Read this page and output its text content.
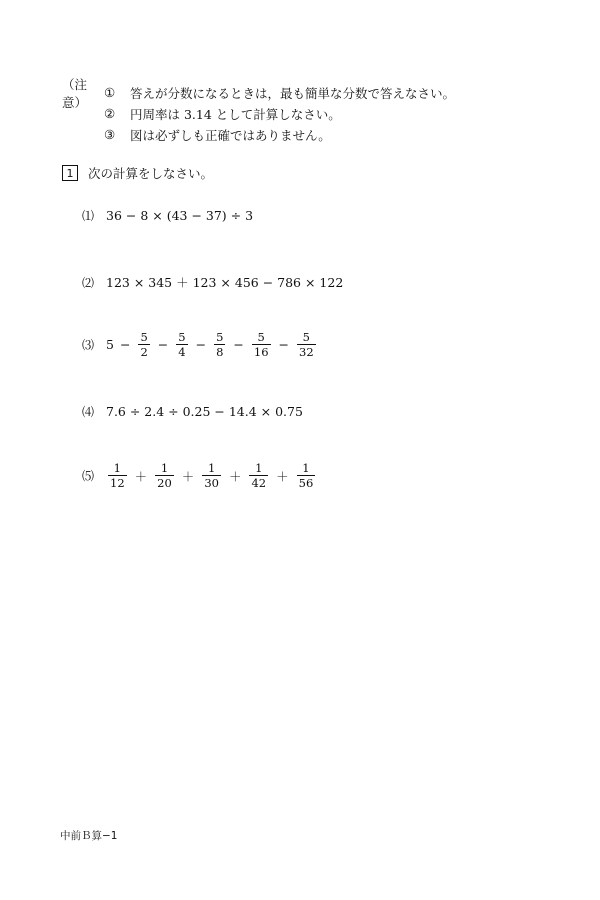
（注意）
①	答えが分数になるときは，最も簡単な分数で答えなさい。
②	円周率は 3.14 として計算しなさい。
③	図は必ずしも正確ではありません。
1	次の計算をしなさい。
⑴ 36 − 8 × (43 − 37) ÷ 3
⑵ 123 × 345 ＋ 123 × 456 − 786 × 122
⑶ $5 - \frac{5}{2} - \frac{5}{4} - \frac{5}{8} - \frac{5}{16} - \frac{5}{32}$
⑷ 7.6 ÷ 2.4 ÷ 0.25 − 14.4 × 0.75
⑸	$\frac{1}{12} + \frac{1}{20} + \frac{1}{30} + \frac{1}{42} + \frac{1}{56}$
中前Ｂ算−1
